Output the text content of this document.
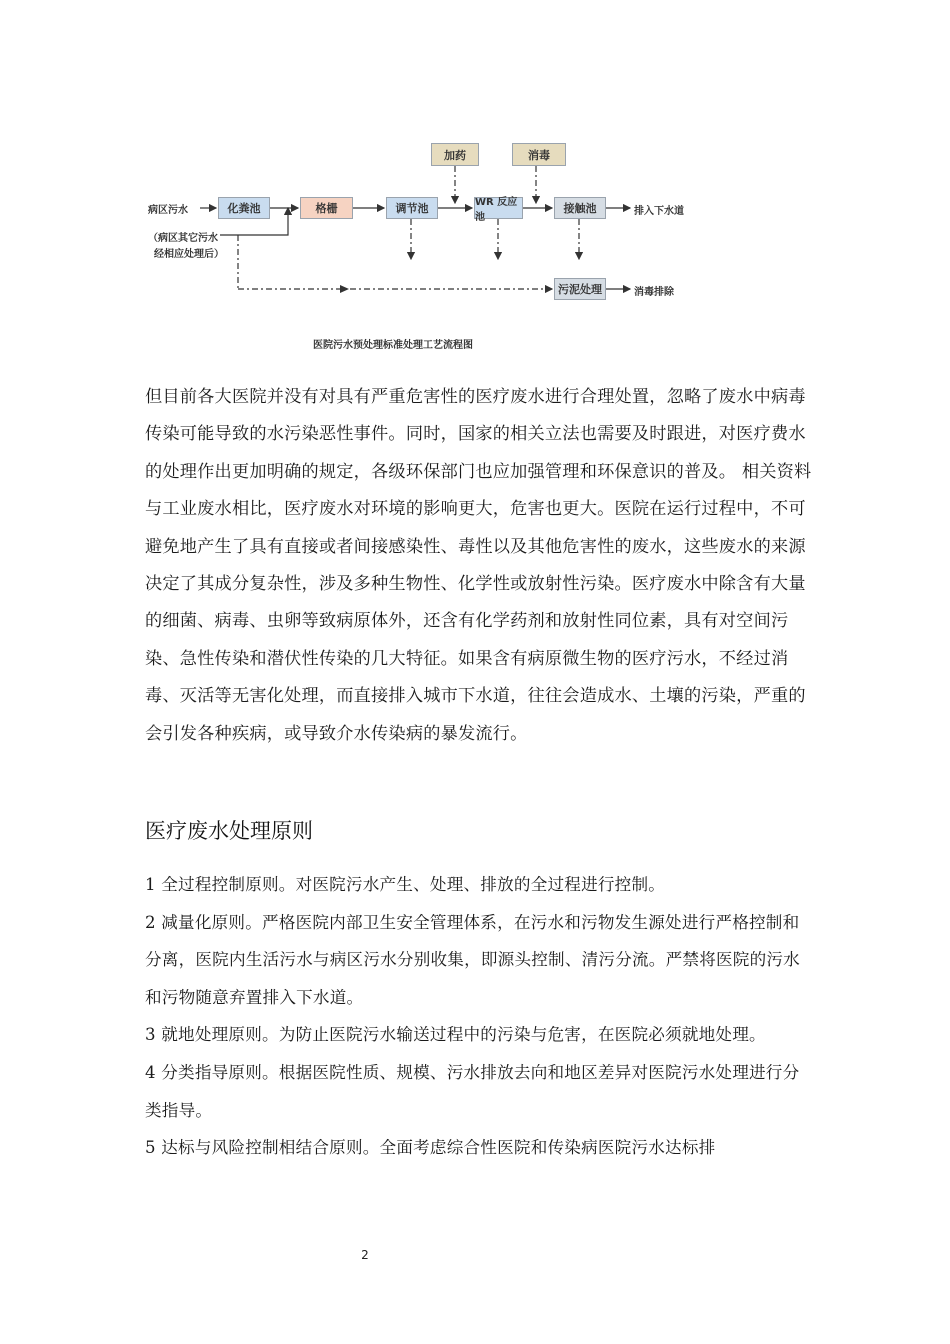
化粪池	格栅	调节池	WR 反应池
接触池
加药	消毒
污泥处理
病区污水
（病区其它污水
经相应处理后）
排入下水道
消毒排除
医院污水预处理标准处理工艺流程图

但目前各大医院并没有对具有严重危害性的医疗废水进行合理处置，忽略了废水中病毒传染可能导致的水污染恶性事件。同时，国家的相关立法也需要及时跟进，对医疗费水的处理作出更加明确的规定，各级环保部门也应加强管理和环保意识的普及。 相关资料 与工业废水相比，医疗废水对环境的影响更大，危害也更大。医院在运行过程中，不可避免地产生了具有直接或者间接感染性、毒性以及其他危害性的废水，这些废水的来源决定了其成分复杂性，涉及多种生物性、化学性或放射性污染。医疗废水中除含有大量的细菌、病毒、虫卵等致病原体外，还含有化学药剂和放射性同位素，具有对空间污染、急性传染和潜伏性传染的几大特征。如果含有病原微生物的医疗污水，不经过消毒、灭活等无害化处理，而直接排入城市下水道，往往会造成水、土壤的污染，严重的会引发各种疾病，或导致介水传染病的暴发流行。

医疗废水处理原则
1 全过程控制原则。对医院污水产生、处理、排放的全过程进行控制。
2 减量化原则。严格医院内部卫生安全管理体系，在污水和污物发生源处进行严格控制和分离，医院内生活污水与病区污水分别收集，即源头控制、清污分流。严禁将医院的污水和污物随意弃置排入下水道。
3 就地处理原则。为防止医院污水输送过程中的污染与危害，在医院必须就地处理。
4 分类指导原则。根据医院性质、规模、污水排放去向和地区差异对医院污水处理进行分类指导。
5 达标与风险控制相结合原则。全面考虑综合性医院和传染病医院污水达标排
2
